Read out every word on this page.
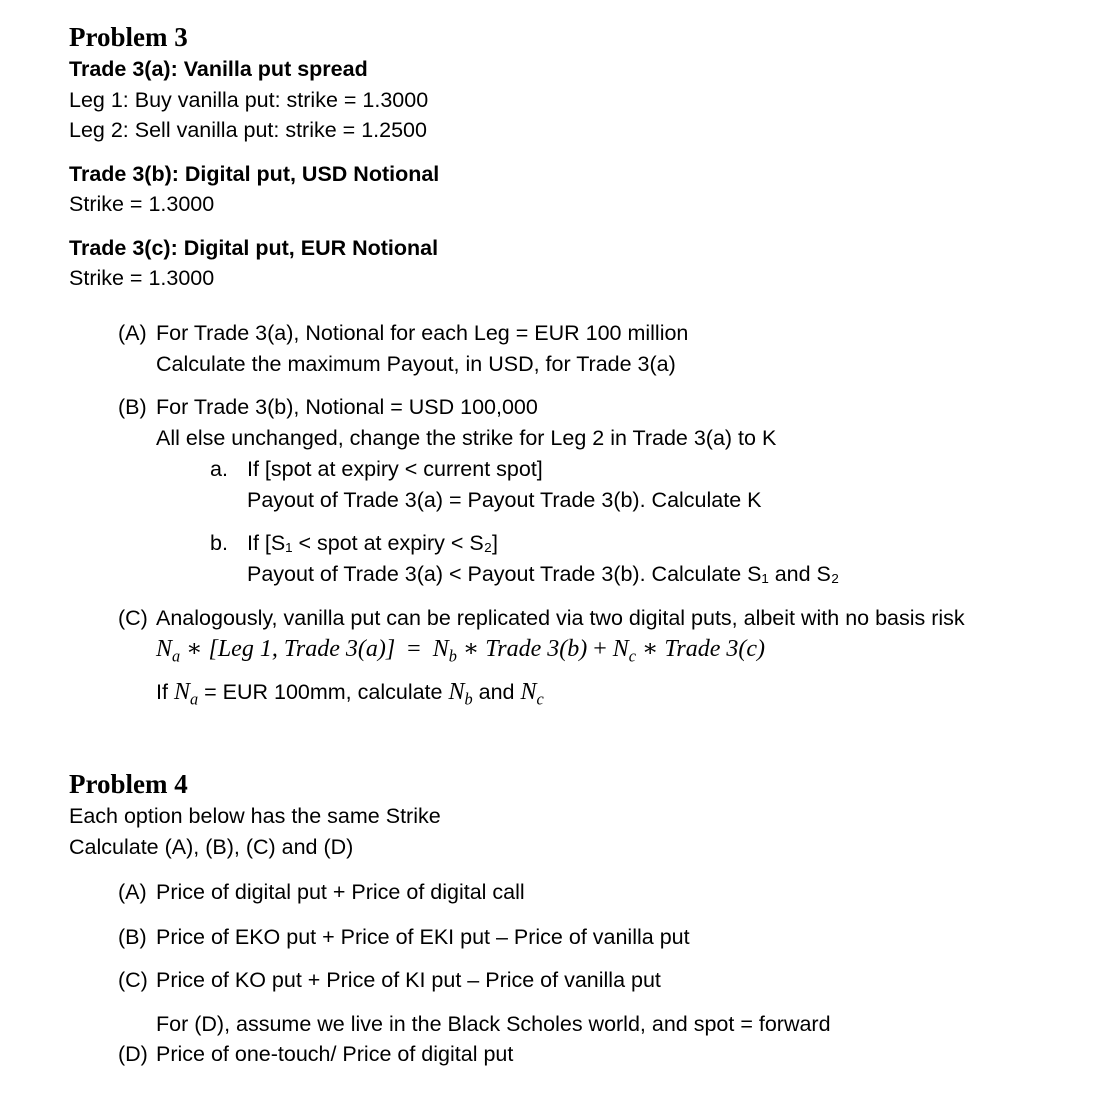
Problem 3
Trade 3(a): Vanilla put spread
Leg 1: Buy vanilla put: strike = 1.3000
Leg 2: Sell vanilla put: strike = 1.2500
Trade 3(b): Digital put, USD Notional
Strike = 1.3000
Trade 3(c): Digital put, EUR Notional
Strike = 1.3000
(A) For Trade 3(a), Notional for each Leg = EUR 100 million
Calculate the maximum Payout, in USD, for Trade 3(a)
(B) For Trade 3(b), Notional = USD 100,000
All else unchanged, change the strike for Leg 2 in Trade 3(a) to K
a. If [spot at expiry < current spot]
Payout of Trade 3(a) = Payout Trade 3(b). Calculate K
b. If [S₁ < spot at expiry < S₂]
Payout of Trade 3(a) < Payout Trade 3(b). Calculate S₁ and S₂
(C) Analogously, vanilla put can be replicated via two digital puts, albeit with no basis risk
$N_a$ ∗ [Leg 1, Trade $3(a)] = N_b$ ∗ Trade $3(b) + N_c$ ∗ Trade 3(c)
If $N_a$ = EUR 100mm, calculate $N_b$ and $N_c$
Problem 4
Each option below has the same Strike
Calculate (A), (B), (C) and (D)
(A) Price of digital put + Price of digital call
(B) Price of EKO put + Price of EKI put – Price of vanilla put
(C) Price of KO put + Price of KI put – Price of vanilla put
For (D), assume we live in the Black Scholes world, and spot = forward
(D) Price of one-touch/ Price of digital put
